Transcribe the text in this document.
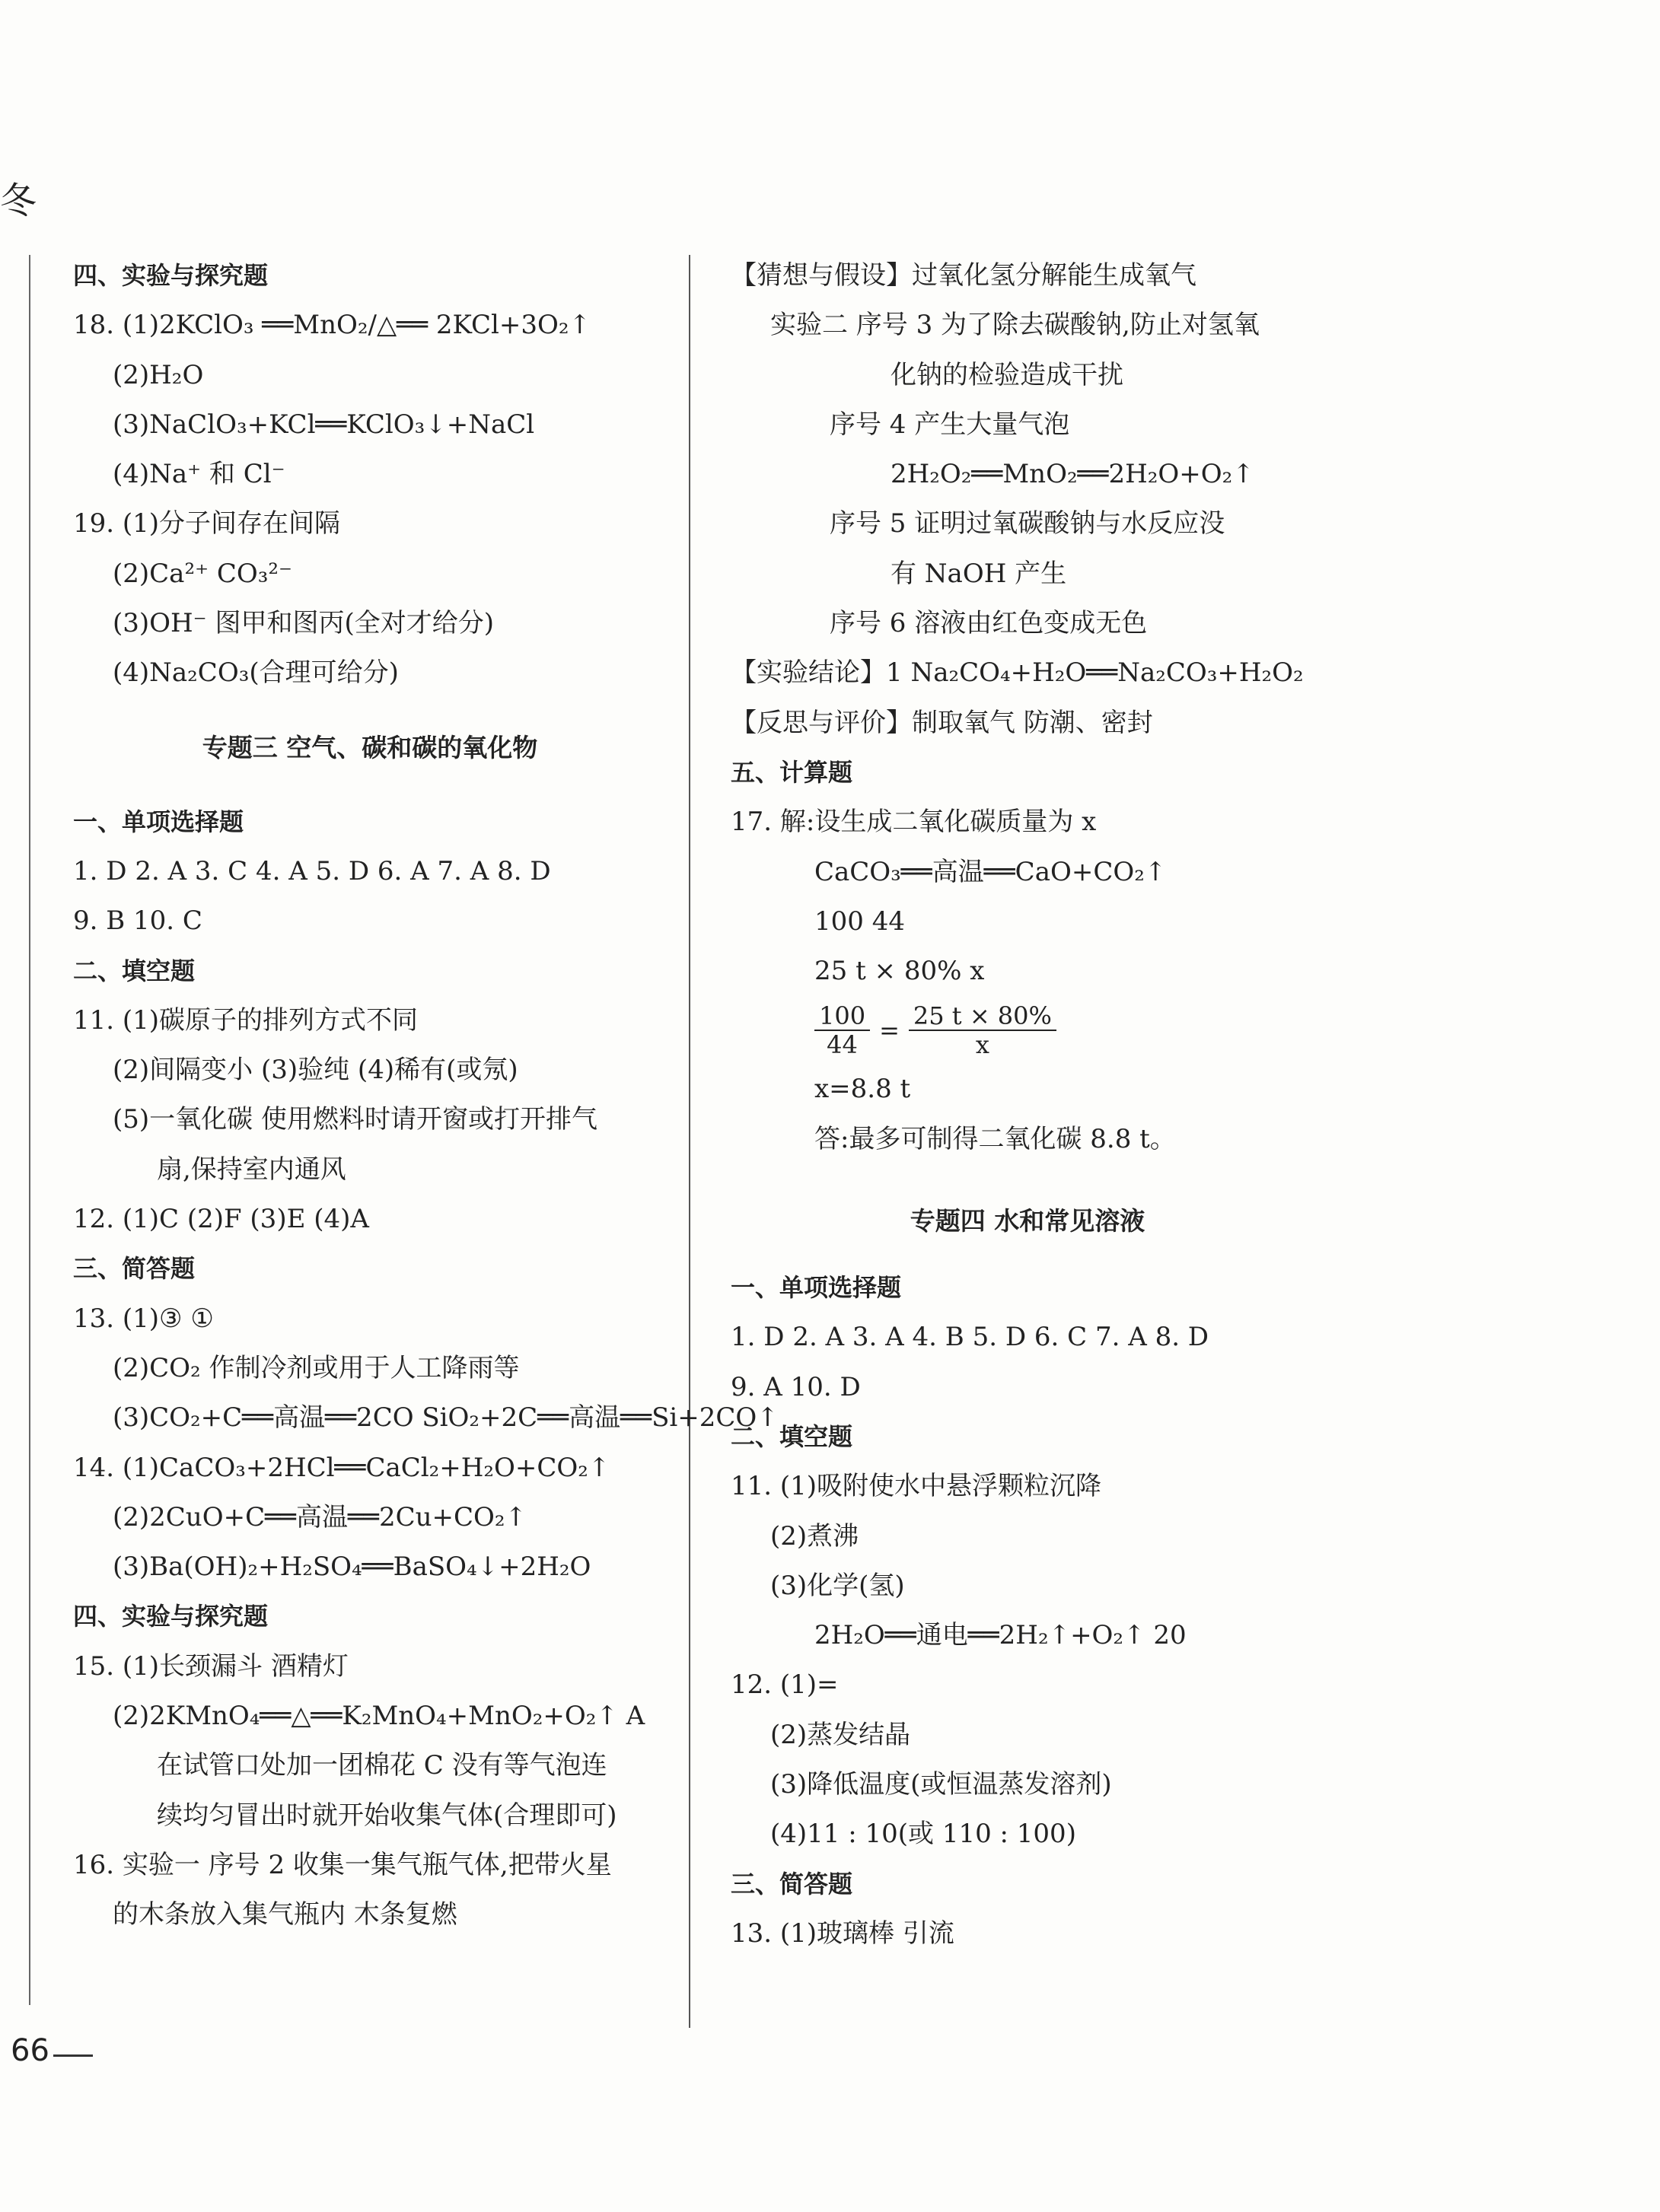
冬
四、实验与探究题
18. (1)2KClO₃ ══MnO₂/△══ 2KCl+3O₂↑
(2)H₂O
(3)NaClO₃+KCl══KClO₃↓+NaCl
(4)Na⁺ 和 Cl⁻
19. (1)分子间存在间隔
(2)Ca²⁺ CO₃²⁻
(3)OH⁻ 图甲和图丙(全对才给分)
(4)Na₂CO₃(合理可给分)
专题三 空气、碳和碳的氧化物
一、单项选择题
1. D 2. A 3. C 4. A 5. D 6. A 7. A 8. D
9. B 10. C
二、填空题
11. (1)碳原子的排列方式不同
(2)间隔变小 (3)验纯 (4)稀有(或氖)
(5)一氧化碳 使用燃料时请开窗或打开排气
扇,保持室内通风
12. (1)C (2)F (3)E (4)A
三、简答题
13. (1)③ ①
(2)CO₂ 作制冷剂或用于人工降雨等
(3)CO₂+C══高温══2CO SiO₂+2C══高温══Si+2CO↑
14. (1)CaCO₃+2HCl══CaCl₂+H₂O+CO₂↑
(2)2CuO+C══高温══2Cu+CO₂↑
(3)Ba(OH)₂+H₂SO₄══BaSO₄↓+2H₂O
四、实验与探究题
15. (1)长颈漏斗 酒精灯
(2)2KMnO₄══△══K₂MnO₄+MnO₂+O₂↑ A
在试管口处加一团棉花 C 没有等气泡连
续均匀冒出时就开始收集气体(合理即可)
16. 实验一 序号 2 收集一集气瓶气体,把带火星
的木条放入集气瓶内 木条复燃
【猜想与假设】过氧化氢分解能生成氧气
实验二 序号 3 为了除去碳酸钠,防止对氢氧
化钠的检验造成干扰
序号 4 产生大量气泡
2H₂O₂══MnO₂══2H₂O+O₂↑
序号 5 证明过氧碳酸钠与水反应没
有 NaOH 产生
序号 6 溶液由红色变成无色
【实验结论】1 Na₂CO₄+H₂O══Na₂CO₃+H₂O₂
【反思与评价】制取氧气 防潮、密封
五、计算题
17. 解:设生成二氧化碳质量为 x
CaCO₃══高温══CaO+CO₂↑
100 44
25 t × 80% x
$\frac{100}{44} = \frac{25 t \times 80\%}{x}$
x=8.8 t
答:最多可制得二氧化碳 8.8 t。
专题四 水和常见溶液
一、单项选择题
1. D 2. A 3. A 4. B 5. D 6. C 7. A 8. D
9. A 10. D
二、填空题
11. (1)吸附使水中悬浮颗粒沉降
(2)煮沸
(3)化学(氢)
2H₂O══通电══2H₂↑+O₂↑ 20
12. (1)=
(2)蒸发结晶
(3)降低温度(或恒温蒸发溶剂)
(4)11 : 10(或 110 : 100)
三、简答题
13. (1)玻璃棒 引流
66
